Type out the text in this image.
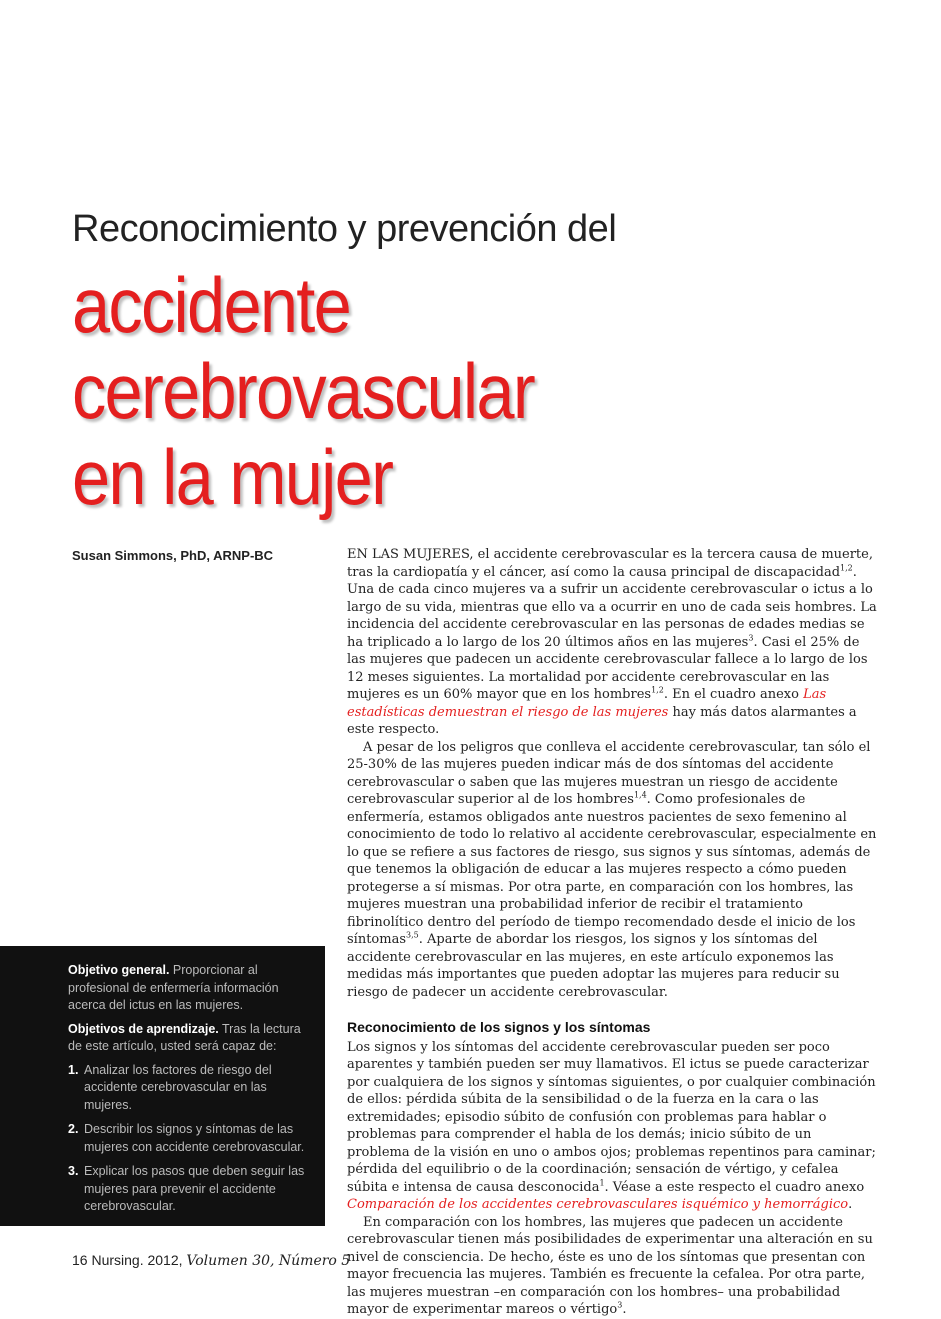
Reconocimiento y prevención del
accidente cerebrovascular
en la mujer
Susan Simmons, PhD, ARNP-BC	EN LAS MUJERES, el accidente cerebrovascular es la tercera causa de muerte, tras la cardiopatía y el cáncer, así como la causa principal de discapacidad$^{1,2}$. Una de cada cinco mujeres va a sufrir un accidente cerebrovascular o ictus a lo largo de su vida, mientras que ello va a ocurrir en uno de cada seis hombres. La incidencia del accidente cerebrovascular en las personas de edades medias se ha triplicado a lo largo de los 20 últimos años en las mujeres$^3$. Casi el 25% de las mujeres que padecen un accidente cerebrovascular fallece a lo largo de los 12 meses siguientes. La mortalidad por accidente cerebrovascular en las mujeres es un 60% mayor que en los hombres$^{1,2}$. En el cuadro anexo Las estadísticas demuestran el riesgo de las mujeres hay más datos alarmantes a este respecto.

A pesar de los peligros que conlleva el accidente cerebrovascular, tan sólo el 25-30% de las mujeres pueden indicar más de dos síntomas del accidente cerebrovascular o saben que las mujeres muestran un riesgo de accidente cerebrovascular superior al de los hombres$^{1,4}$. Como profesionales de enfermería, estamos obligados ante nuestros pacientes de sexo femenino al conocimiento de todo lo relativo al accidente cerebrovascular, especialmente en lo que se refiere a sus factores de riesgo, sus signos y sus síntomas, además de que tenemos la obligación de educar a las mujeres respecto a cómo pueden protegerse a sí mismas. Por otra parte, en comparación con los hombres, las mujeres muestran una probabilidad inferior de recibir el tratamiento fibrinolítico dentro del período de tiempo recomendado desde el inicio de los síntomas$^{3,5}$. Aparte de abordar los riesgos, los signos y los síntomas del accidente cerebrovascular en las mujeres, en este artículo exponemos las medidas más importantes que pueden adoptar las mujeres para reducir su riesgo de padecer un accidente cerebrovascular.

Reconocimiento de los signos y los síntomas

Los signos y los síntomas del accidente cerebrovascular pueden ser poco aparentes y también pueden ser muy llamativos. El ictus se puede caracterizar por cualquiera de los signos y síntomas siguientes, o por cualquier combinación de ellos: pérdida súbita de la sensibilidad o de la fuerza en la cara o las extremidades; episodio súbito de confusión con problemas para hablar o problemas para comprender el habla de los demás; inicio súbito de un problema de la visión en uno o ambos ojos; problemas repentinos para caminar; pérdida del equilibrio o de la coordinación; sensación de vértigo, y cefalea súbita e intensa de causa desconocida$^1$. Véase a este respecto el cuadro anexo Comparación de los accidentes cerebrovasculares isquémico y hemorrágico.

En comparación con los hombres, las mujeres que padecen un accidente cerebrovascular tienen más posibilidades de experimentar una alteración en su nivel de consciencia. De hecho, éste es uno de los síntomas que presentan con mayor frecuencia las mujeres. También es frecuente la cefalea. Por otra parte, las mujeres muestran –en comparación con los hombres– una probabilidad mayor de experimentar mareos o vértigo$^3$.

Objetivo general. Proporcionar al profesional de enfermería información acerca del ictus en las mujeres.

Objetivos de aprendizaje. Tras la lectura de este artículo, usted será capaz de:

1. Analizar los factores de riesgo del accidente cerebrovascular en las mujeres.
2. Describir los signos y síntomas de las mujeres con accidente cerebrovascular.
3. Explicar los pasos que deben seguir las mujeres para prevenir el accidente cerebrovascular.
16 Nursing. 2012, Volumen 30, Número 5
